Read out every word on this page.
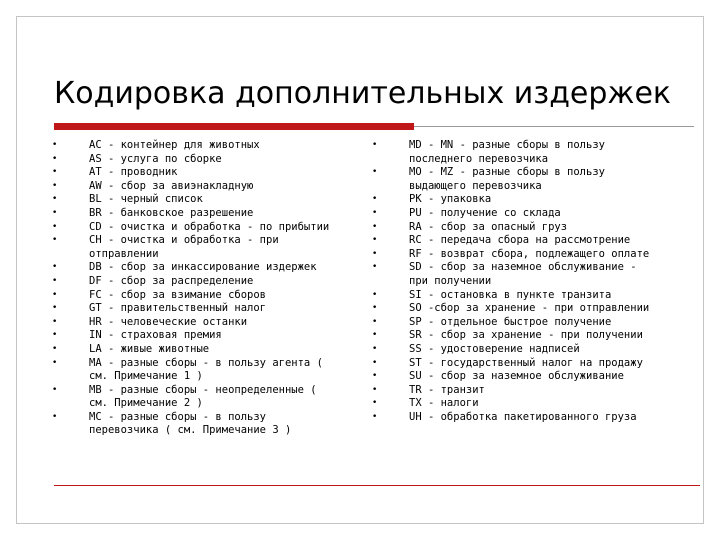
Кодировка дополнительных издержек
•	AC - контейнер для животных
•	AS - услуга по сборке
•	AT - проводник
•	AW - сбор за авиэнакладную
•	BL - черный список
•	BR - банковское разрешение
•	CD - очистка и обработка - по прибытии
•	CH - очистка и обработка - при
отправлении
•	DB - сбор за инкассирование издержек
•	DF - сбор за распределение
•	FC - сбор за взимание сборов
•	GT - правительственный налог
•	HR - человеческие останки
•	IN - страховая премия
•	LA - живые животные
•	MA - разные сборы - в пользу агента (
см. Примечание 1 )
•	MB - разные сборы - неопределенные (
см. Примечание 2 )
•	MC - разные сборы - в пользу
перевозчика ( см. Примечание 3 )
•	MD - MN - разные сборы в пользу
последнего перевозчика
•	MO - MZ - разные сборы в пользу
выдающего перевозчика
•	PK - упаковка
•	PU - получение со склада
•	RA - сбор за опасный груз
•	RC - передача сбора на рассмотрение
•	RF - возврат сбора, подлежащего оплате
•	SD - сбор за наземное обслуживание -
при получении
•	SI - остановка в пункте транзита
•	SO -сбор за хранение - при отправлении
•	SP - отдельное быстрое получение
•	SR - сбор за хранение - при получении
•	SS - удостоверение надписей
•	ST - государственный налог на продажу
•	SU - сбор за наземное обслуживание
•	TR - транзит
•	TX - налоги
•	UH - обработка пакетированного груза
